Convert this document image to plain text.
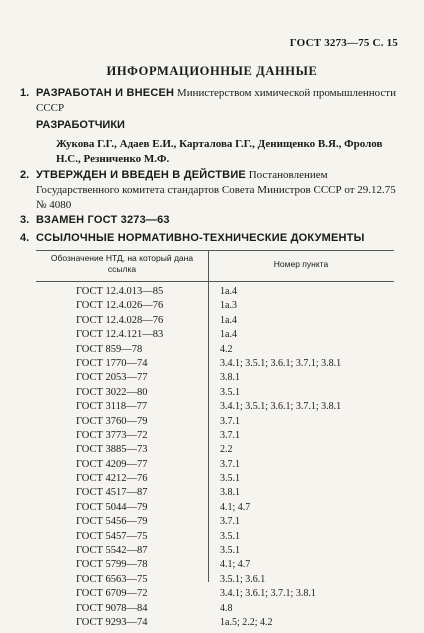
ГОСТ 3273—75 С. 15
ИНФОРМАЦИОННЫЕ ДАННЫЕ
1. РАЗРАБОТАН И ВНЕСЕН Министерством химической промышленности СССР
РАЗРАБОТЧИКИ
Жукова Г.Г., Адаев Е.И., Карталова Г.Г., Денищенко В.Я., Фролов Н.С., Резниченко М.Ф.
2. УТВЕРЖДЕН И ВВЕДЕН В ДЕЙСТВИЕ Постановлением Государственного комитета стандартов Совета Министров СССР от 29.12.75 № 4080
3. ВЗАМЕН ГОСТ 3273—63
4. ССЫЛОЧНЫЕ НОРМАТИВНО-ТЕХНИЧЕСКИЕ ДОКУМЕНТЫ
Обозначение НТД, на который дана ссылка	Номер пункта
ГОСТ 12.4.013—85	1а.4
ГОСТ 12.4.026—76	1а.3
ГОСТ 12.4.028—76	1а.4
ГОСТ 12.4.121—83	1а.4
ГОСТ 859—78	4.2
ГОСТ 1770—74	3.4.1; 3.5.1; 3.6.1; 3.7.1; 3.8.1
ГОСТ 2053—77	3.8.1
ГОСТ 3022—80	3.5.1
ГОСТ 3118—77	3.4.1; 3.5.1; 3.6.1; 3.7.1; 3.8.1
ГОСТ 3760—79	3.7.1
ГОСТ 3773—72	3.7.1
ГОСТ 3885—73	2.2
ГОСТ 4209—77	3.7.1
ГОСТ 4212—76	3.5.1
ГОСТ 4517—87	3.8.1
ГОСТ 5044—79	4.1; 4.7
ГОСТ 5456—79	3.7.1
ГОСТ 5457—75	3.5.1
ГОСТ 5542—87	3.5.1
ГОСТ 5799—78	4.1; 4.7
ГОСТ 6563—75	3.5.1; 3.6.1
ГОСТ 6709—72	3.4.1; 3.6.1; 3.7.1; 3.8.1
ГОСТ 9078—84	4.8
ГОСТ 9293—74	1а.5; 2.2; 4.2
